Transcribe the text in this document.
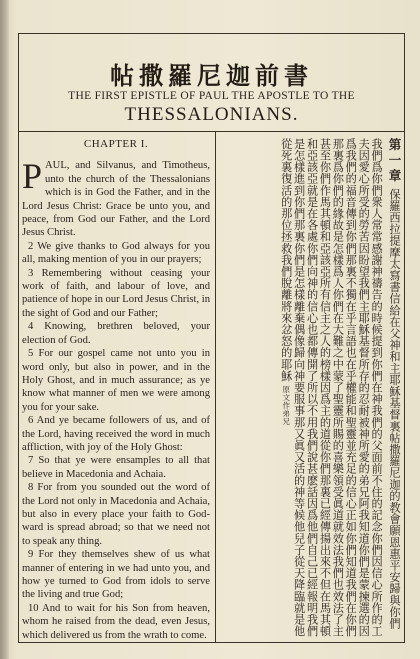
帖撒羅尼迦前書
THE FIRST EPISTLE OF PAUL THE APOSTLE TO THE
THESSALONIANS.
CHAPTER I.

PAUL, and Silvanus, and Timotheus, unto the church of the Thessalonians which is in God the Father, and in the Lord Jesus Christ: Grace be unto you, and peace, from God our Father, and the Lord Jesus Christ.

2 We give thanks to God always for you all, making mention of you in our prayers;

3 Remembering without ceasing your work of faith, and labour of love, and patience of hope in our Lord Jesus Christ, in the sight of God and our Father;

4 Knowing, brethren beloved, your election of God.

5 For our gospel came not unto you in word only, but also in power, and in the Holy Ghost, and in much assurance; as ye know what manner of men we were among you for your sake.

6 And ye became followers of us, and of the Lord, having received the word in much affliction, with joy of the Holy Ghost:

7 So that ye were ensamples to all that believe in Macedonia and Achaia.

8 For from you sounded out the word of the Lord not only in Macedonia and Achaia, but also in every place your faith to God-ward is spread abroad; so that we need not to speak any thing.

9 For they themselves shew of us what manner of entering in we had unto you, and how ye turned to God from idols to serve the living and true God;

10 And to wait for his Son from heaven, whom he raised from the dead, even Jesus, which delivered us from the wrath to come.

第一章 保羅西拉提摩太寫書信給在父神和主耶穌基督裏帖撒羅尼迦的教會願恩惠平安歸與你們我們爲你們衆人常常感謝神禱告的時候提到你們在神我們的父面前不住的記念你們因信心所作的工夫因愛心所受的勞苦因盼望我們主耶穌基督所存的忍耐被神所愛的弟兄阿我知道你們是蒙揀選的因爲我們的福音傳到你們那裏不獨在乎言語也在乎權能和聖靈並充足的信心正如你們知道我們在你們那裏爲你們的緣故是怎樣爲人你們在大難之中蒙了聖靈所賜的喜樂領受眞道就效法我們也效法了主甚至你們作馬其頓和亞該亞所有信主之人的榜樣因爲主的道從你們那裏已經傳揚出來不但在馬其頓和亞該亞就是在各處你們向神的信心也都傳開了所以不用我們說甚麽話因爲他們自己已經報明我們是怎樣進到你們那裏你們是怎樣離棄偶像歸向神要服事那又眞又活的神等候他兒子從天降臨就是他從死裏復活的那位拯救我們脫離將來忿怒的耶穌 原文作弟兄
